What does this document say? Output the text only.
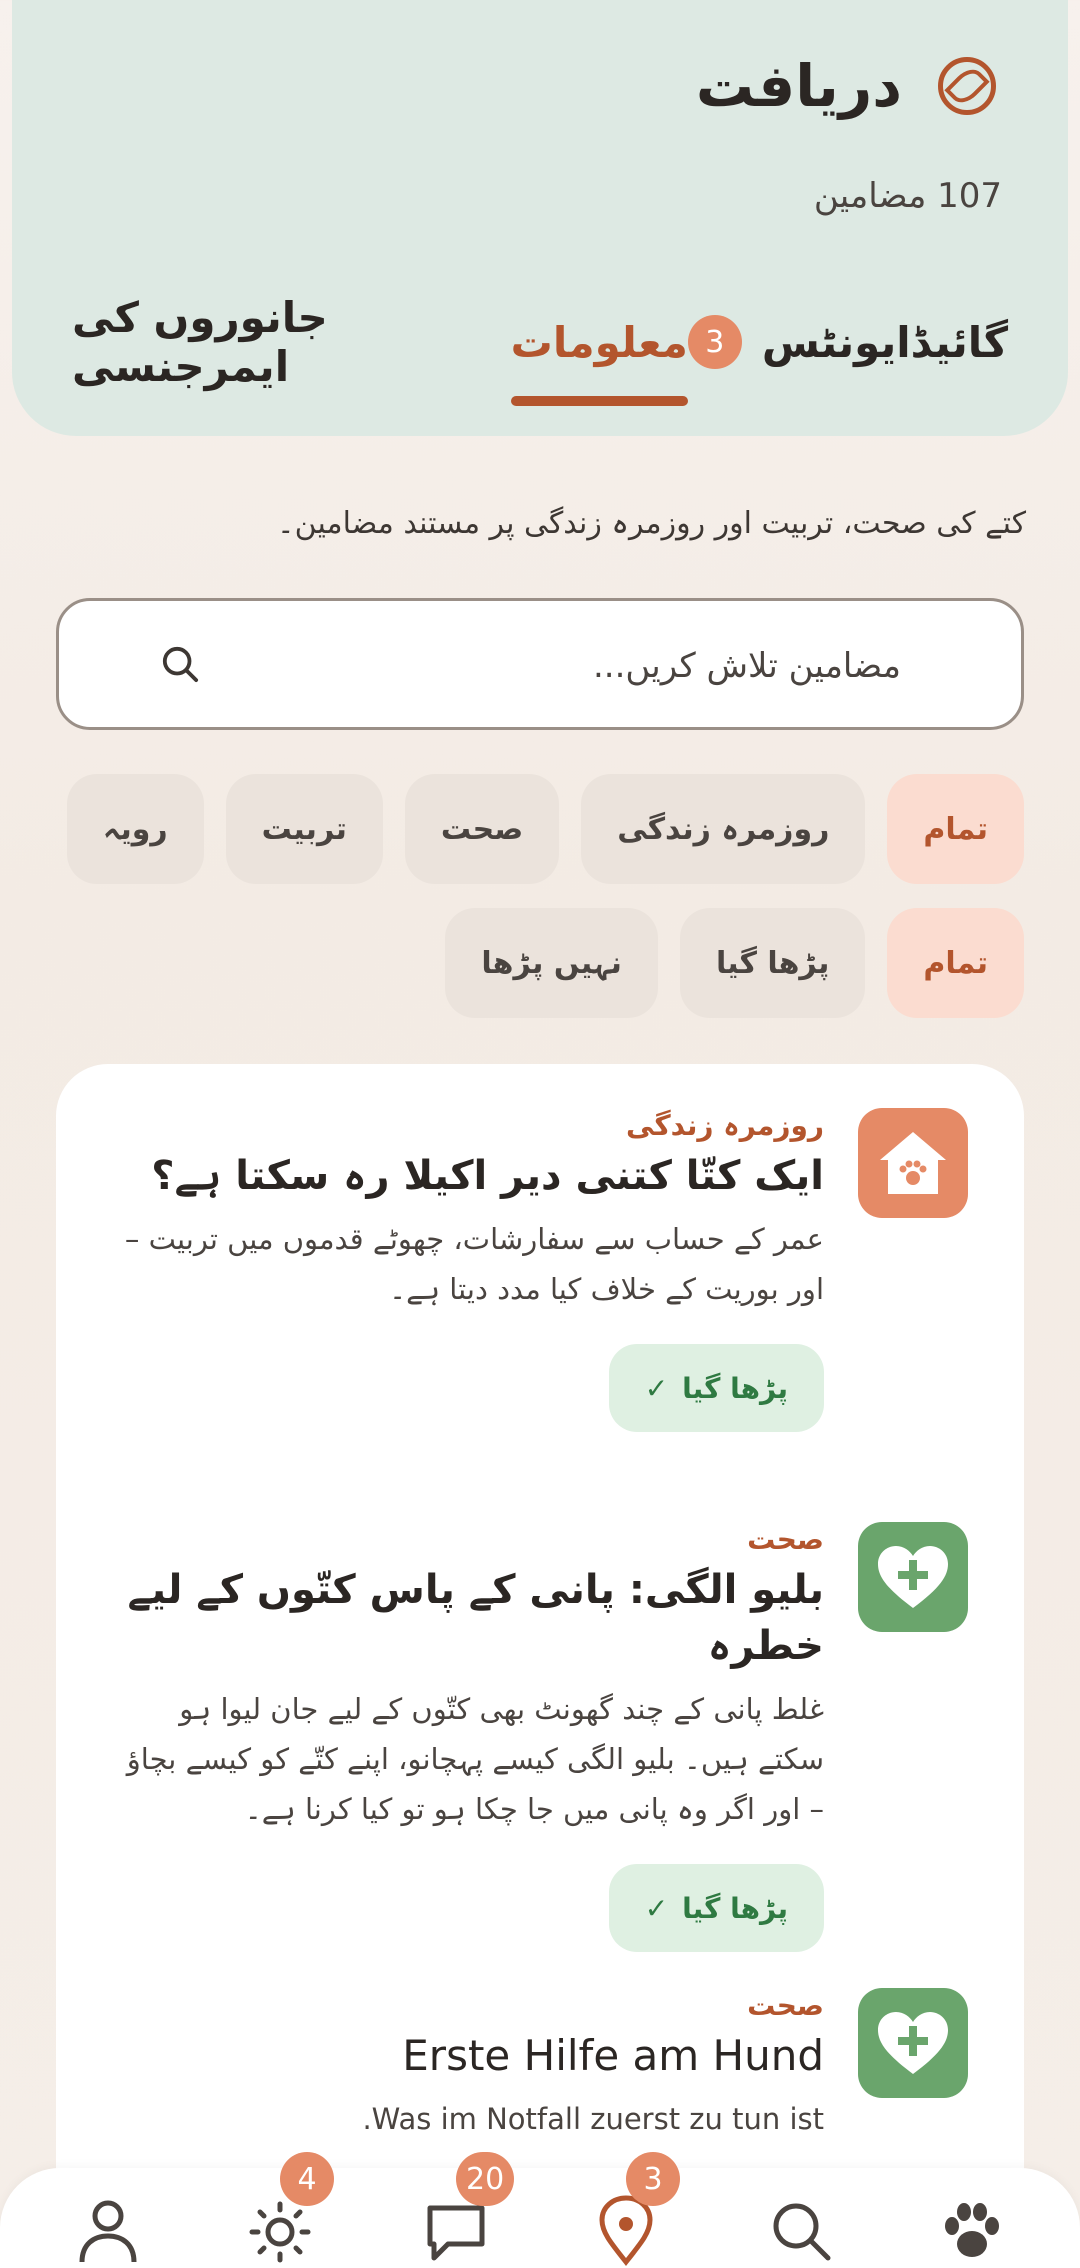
دریافت
107 مضامین
گائیڈ
ایونٹس
3
معلومات
جانوروں کی ایمرجنسی
کتے کی صحت، تربیت اور روزمرہ زندگی پر مستند مضامین۔
مضامین تلاش کریں...
تمام
روزمرہ زندگی
صحت
تربیت
رویہ
تمام
پڑھا گیا
نہیں پڑھا
روزمرہ زندگی
ایک کتّا کتنی دیر اکیلا رہ سکتا ہے؟
عمر کے حساب سے سفارشات، چھوٹے قدموں میں تربیت – اور بوریت کے خلاف کیا مدد دیتا ہے۔
✓ پڑھا گیا
صحت
بلیو الگی: پانی کے پاس کتّوں کے لیے خطرہ
غلط پانی کے چند گھونٹ بھی کتّوں کے لیے جان لیوا ہو سکتے ہیں۔ بلیو الگی کیسے پہچانو، اپنے کتّے کو کیسے بچاؤ – اور اگر وہ پانی میں جا چکا ہو تو کیا کرنا ہے۔
✓ پڑھا گیا
صحت
Erste Hilfe am Hund
Was im Notfall zuerst zu tun ist.
4	20	3
